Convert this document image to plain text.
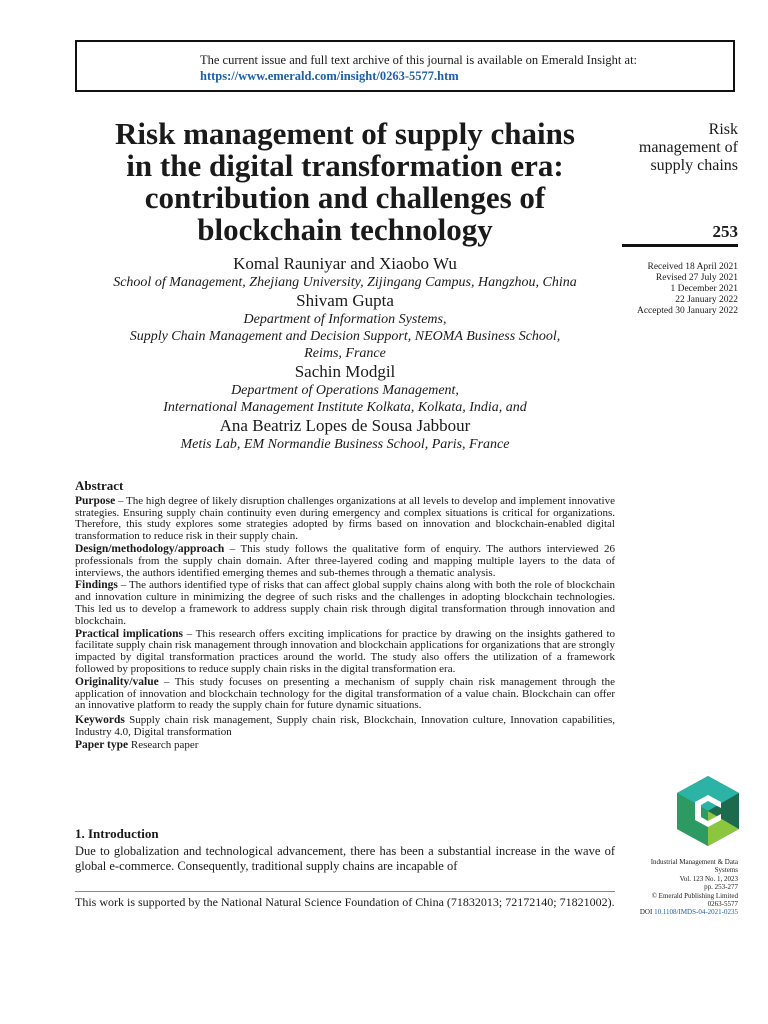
The current issue and full text archive of this journal is available on Emerald Insight at:
https://www.emerald.com/insight/0263-5577.htm
Risk management of supply chains
in the digital transformation era:
contribution and challenges of
blockchain technology
Risk
management of
supply chains
253
Received 18 April 2021
Revised 27 July 2021
1 December 2021
22 January 2022
Accepted 30 January 2022
Komal Rauniyar and Xiaobo Wu
School of Management, Zhejiang University, Zijingang Campus, Hangzhou, China
Shivam Gupta
Department of Information Systems,
Supply Chain Management and Decision Support, NEOMA Business School,
Reims, France
Sachin Modgil
Department of Operations Management,
International Management Institute Kolkata, Kolkata, India, and
Ana Beatriz Lopes de Sousa Jabbour
Metis Lab, EM Normandie Business School, Paris, France
Abstract

Purpose – The high degree of likely disruption challenges organizations at all levels to develop and implement innovative strategies. Ensuring supply chain continuity even during emergency and complex situations is critical for organizations. Therefore, this study explores some strategies adopted by firms based on innovation and blockchain-enabled digital transformation to reduce risk in their supply chain.

Design/methodology/approach – This study follows the qualitative form of enquiry. The authors interviewed 26 professionals from the supply chain domain. After three-layered coding and mapping multiple layers to the data of interviews, the authors identified emerging themes and sub-themes through a thematic analysis.

Findings – The authors identified type of risks that can affect global supply chains along with both the role of blockchain and innovation culture in minimizing the degree of such risks and the challenges in adopting blockchain technologies. This led us to develop a framework to address supply chain risk through digital transformation through innovation and blockchain.

Practical implications – This research offers exciting implications for practice by drawing on the insights gathered to facilitate supply chain risk management through innovation and blockchain applications for organizations that are strongly impacted by digital transformation practices around the world. The study also offers the utilization of a framework followed by propositions to reduce supply chain risks in the digital transformation era.

Originality/value – This study focuses on presenting a mechanism of supply chain risk management through the application of innovation and blockchain technology for the digital transformation of a value chain. Blockchain can offer an innovative platform to ready the supply chain for future dynamic situations.

Keywords Supply chain risk management, Supply chain risk, Blockchain, Innovation culture, Innovation capabilities, Industry 4.0, Digital transformation

Paper type Research paper

1. Introduction

Due to globalization and technological advancement, there has been a substantial increase in the wave of global e-commerce. Consequently, traditional supply chains are incapable of

This work is supported by the National Natural Science Foundation of China (71832013; 72172140; 71821002).
Industrial Management & Data
Systems
Vol. 123 No. 1, 2023
pp. 253-277
© Emerald Publishing Limited
0263-5577
DOI 10.1108/IMDS-04-2021-0235
